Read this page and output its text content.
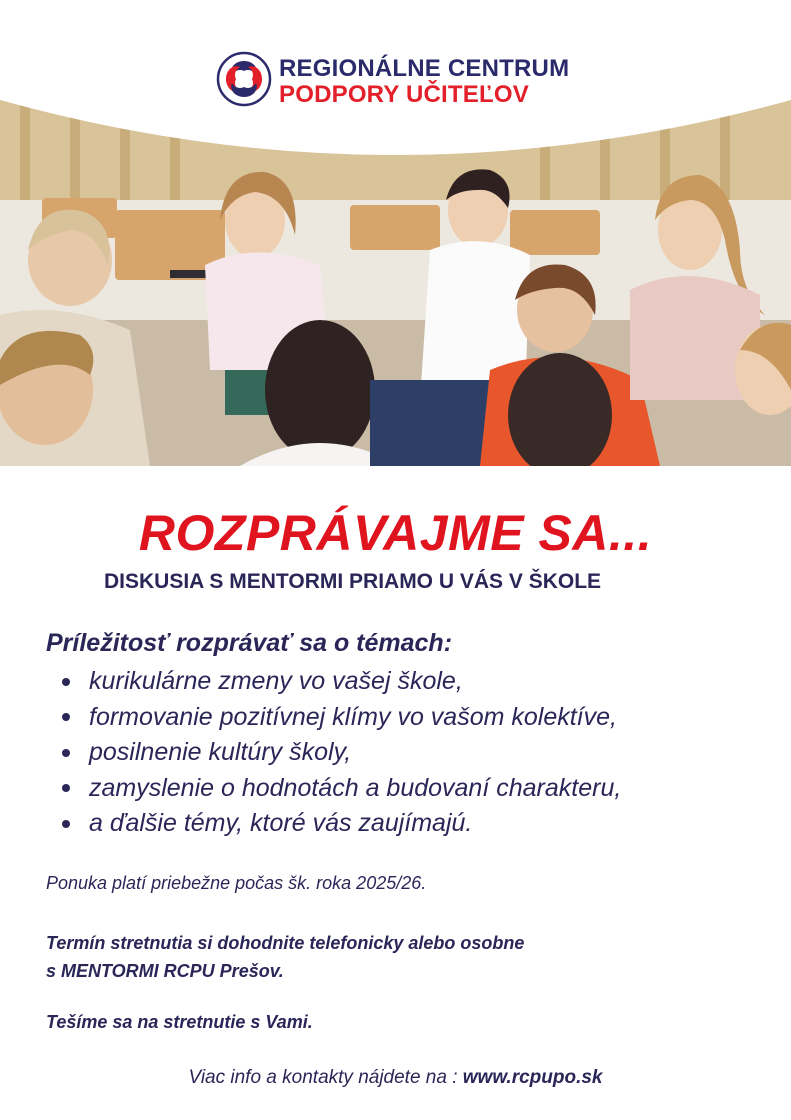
REGIONÁLNE CENTRUM
PODPORY UČITEĽOV
ROZPRÁVAJME SA...
DISKUSIA S MENTORMI PRIAMO U VÁS V ŠKOLE
Príležitosť rozprávať sa o témach:
kurikulárne zmeny vo vašej škole,
formovanie pozitívnej klímy vo vašom kolektíve,
posilnenie kultúry školy,
zamyslenie o hodnotách a budovaní charakteru,
a ďalšie témy, ktoré vás zaujímajú.
Ponuka platí priebežne počas šk. roka 2025/26.
Termín stretnutia si dohodnite telefonicky alebo osobne
s MENTORMI RCPU Prešov.
Tešíme sa na stretnutie s Vami.
Viac info a kontakty nájdete na : www.rcpupo.sk
